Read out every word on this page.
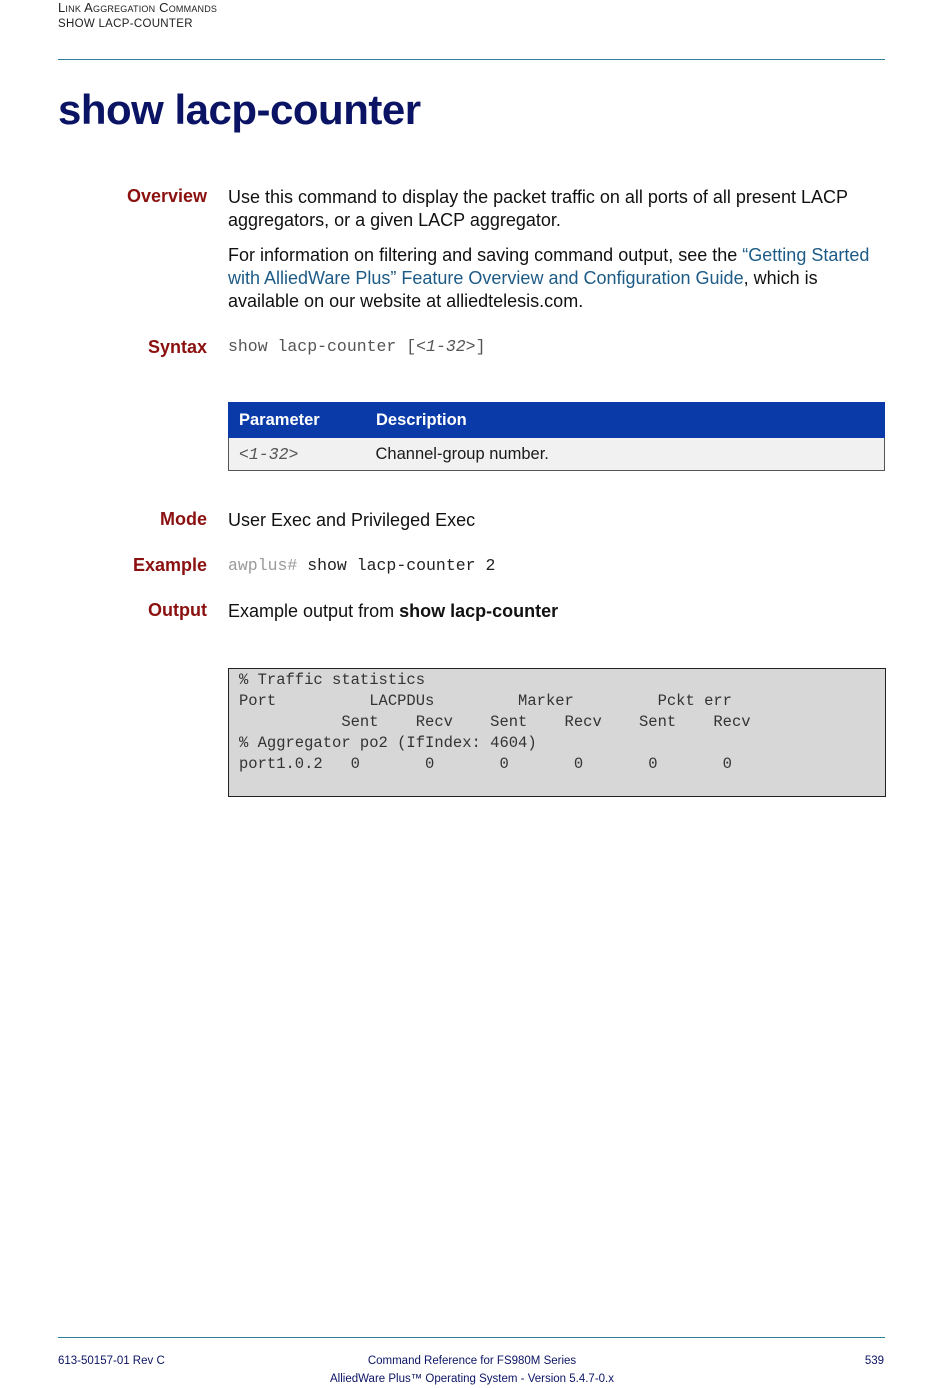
Link Aggregation Commands
SHOW LACP-COUNTER
show lacp-counter
Overview Use this command to display the packet traffic on all ports of all present LACP aggregators, or a given LACP aggregator.
For information on filtering and saving command output, see the “Getting Started with AlliedWare Plus” Feature Overview and Configuration Guide, which is available on our website at alliedtelesis.com.
Syntax show lacp-counter [<1-32>]
Parameter	Description
<1-32>	Channel-group number.
Mode User Exec and Privileged Exec
Example awplus# show lacp-counter 2
Output Example output from show lacp-counter
% Traffic statistics
Port          LACPDUs         Marker         Pckt err
Sent    Recv    Sent    Recv    Sent    Recv
% Aggregator po2 (IfIndex: 4604)
port1.0.2   0       0       0       0       0       0
613-50157-01 Rev C	Command Reference for FS980M Series
AlliedWare Plus™ Operating System - Version 5.4.7-0.x
539
